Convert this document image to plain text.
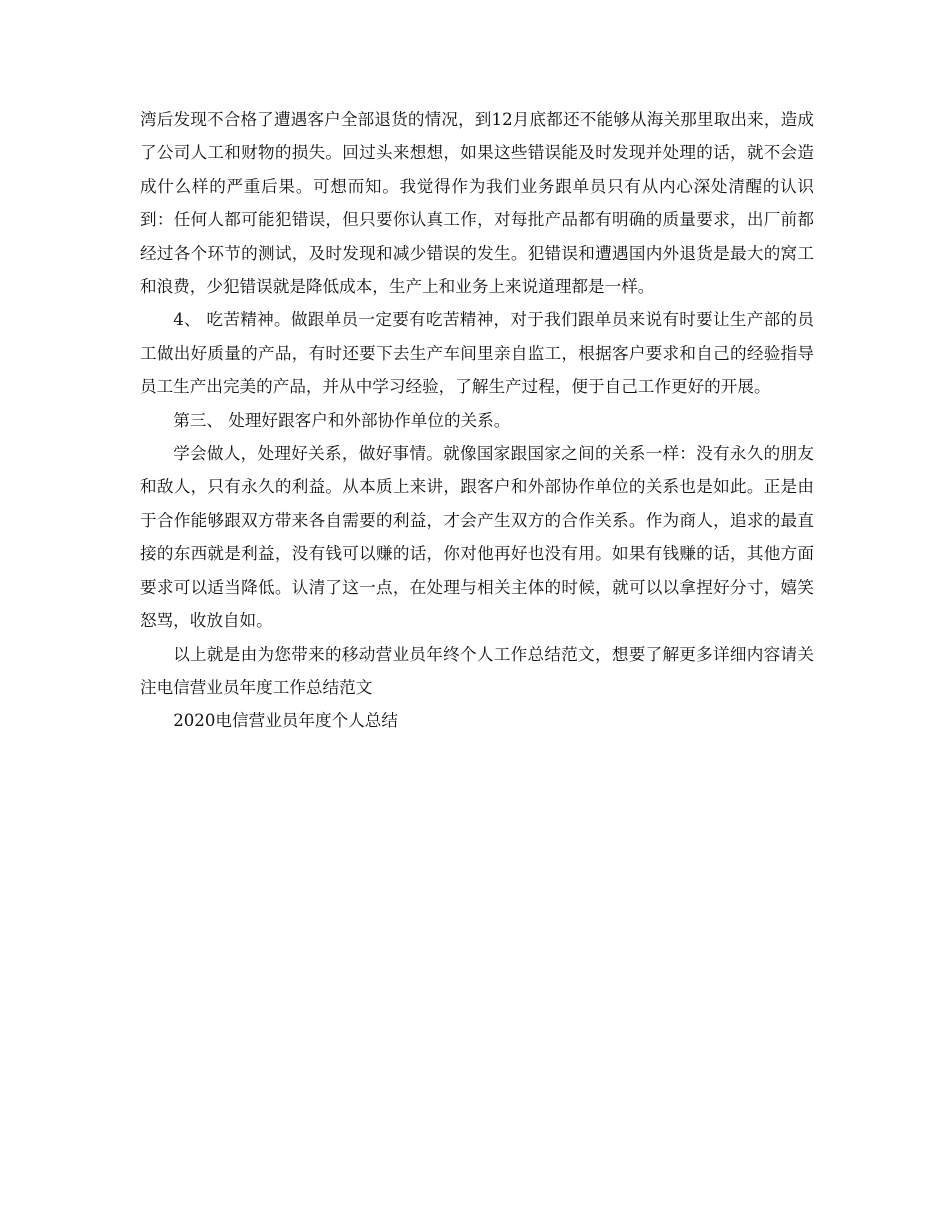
湾后发现不合格了遭遇客户全部退货的情况，到12月底都还不能够从海关那里取出来，造成了公司人工和财物的损失。回过头来想想，如果这些错误能及时发现并处理的话，就不会造成什么样的严重后果。可想而知。我觉得作为我们业务跟单员只有从内心深处清醒的认识到：任何人都可能犯错误，但只要你认真工作，对每批产品都有明确的质量要求，出厂前都经过各个环节的测试，及时发现和减少错误的发生。犯错误和遭遇国内外退货是最大的窝工和浪费，少犯错误就是降低成本，生产上和业务上来说道理都是一样。

4、 吃苦精神。做跟单员一定要有吃苦精神，对于我们跟单员来说有时要让生产部的员工做出好质量的产品，有时还要下去生产车间里亲自监工，根据客户要求和自己的经验指导员工生产出完美的产品，并从中学习经验，了解生产过程，便于自己工作更好的开展。

第三、 处理好跟客户和外部协作单位的关系。

学会做人，处理好关系，做好事情。就像国家跟国家之间的关系一样：没有永久的朋友和敌人，只有永久的利益。从本质上来讲，跟客户和外部协作单位的关系也是如此。正是由于合作能够跟双方带来各自需要的利益，才会产生双方的合作关系。作为商人，追求的最直接的东西就是利益，没有钱可以赚的话，你对他再好也没有用。如果有钱赚的话，其他方面要求可以适当降低。认清了这一点，在处理与相关主体的时候，就可以以拿捏好分寸，嬉笑怒骂，收放自如。

以上就是由为您带来的移动营业员年终个人工作总结范文，想要了解更多详细内容请关注电信营业员年度工作总结范文

2020电信营业员年度个人总结
